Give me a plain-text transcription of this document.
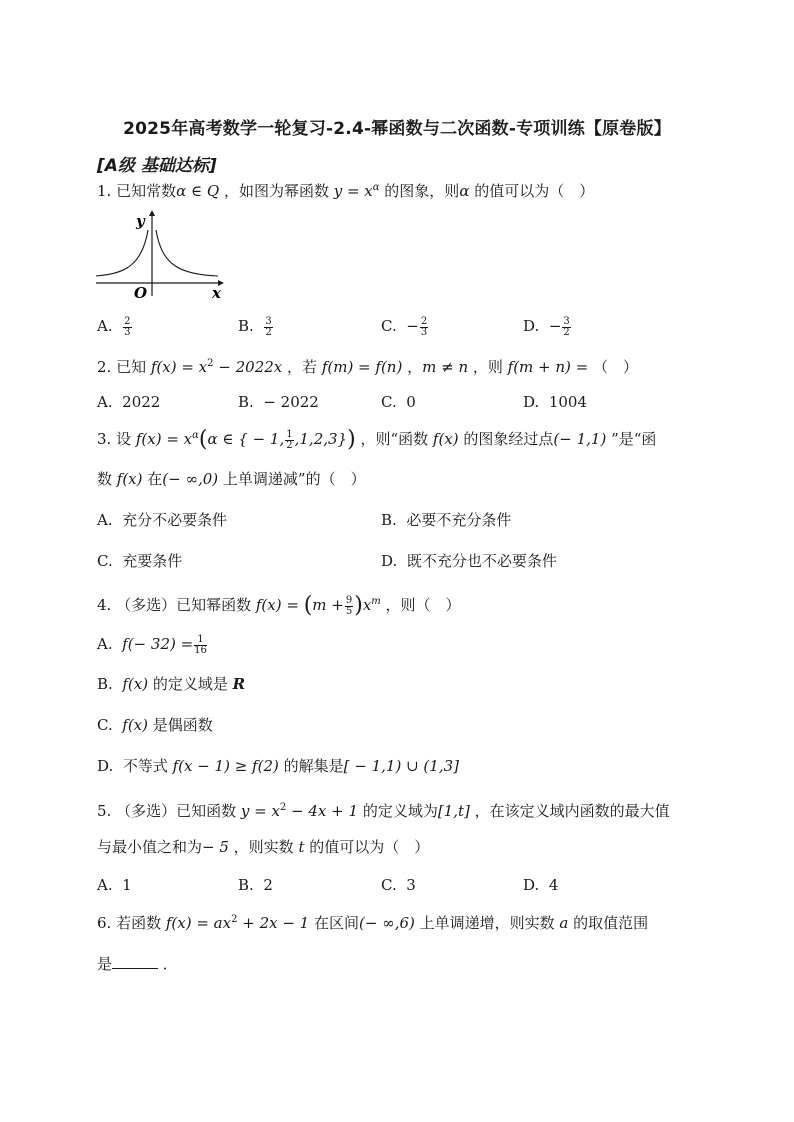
2025年高考数学一轮复习-2.4-幂函数与二次函数-专项训练【原卷版】
[A级 基础达标]
1. 已知常数α ∈ Q ，如图为幂函数 $y = x^\alpha$ 的图象，则α 的值可以为（　）
y
x
O
A. $\frac{2}{3}$	B. $\frac{3}{2}$	C. − $\frac{2}{3}$	D. − $\frac{3}{2}$
2. 已知 $f(x) = x^2 - 2022x$ ，若 f(m) = f(n) ，m ≠ n ，则 f(m + n) = （　）
A. 2022	B. − 2022	C. 0	D. 1004
3. 设 $f(x) = x^\alpha(\alpha$ ∈ { − 1, $\frac{1}{2} ,1,2,3$}) ，则“函数 f(x) 的图象经过点(− 1,1) ”是“函
数 f(x) 在(− ∞,0) 上单调递减”的（　）
A. 充分不必要条件	B. 必要不充分条件
C. 充要条件	D. 既不充分也不必要条件
4. （多选）已知幂函数 $f(x) = (m + \frac{9}{5} )x^m$ ，则（　）
A. $f(- 32) = \frac{1}{16}$
B. f(x) 的定义域是 R
C. f(x) 是偶函数
D. 不等式 f(x − 1) ≥ f(2) 的解集是[ − 1,1) ∪ (1,3]
5. （多选）已知函数 $y = x^2 - 4x + 1$ 的定义域为[1,t] ，在该定义域内函数的最大值
与最小值之和为− 5 ，则实数 t 的值可以为（　）
A. 1	B. 2	C. 3	D. 4
6. 若函数 $f(x) = ax^2 + 2x - 1$ 在区间(− ∞,6) 上单调递增，则实数 a 的取值范围
是	．
